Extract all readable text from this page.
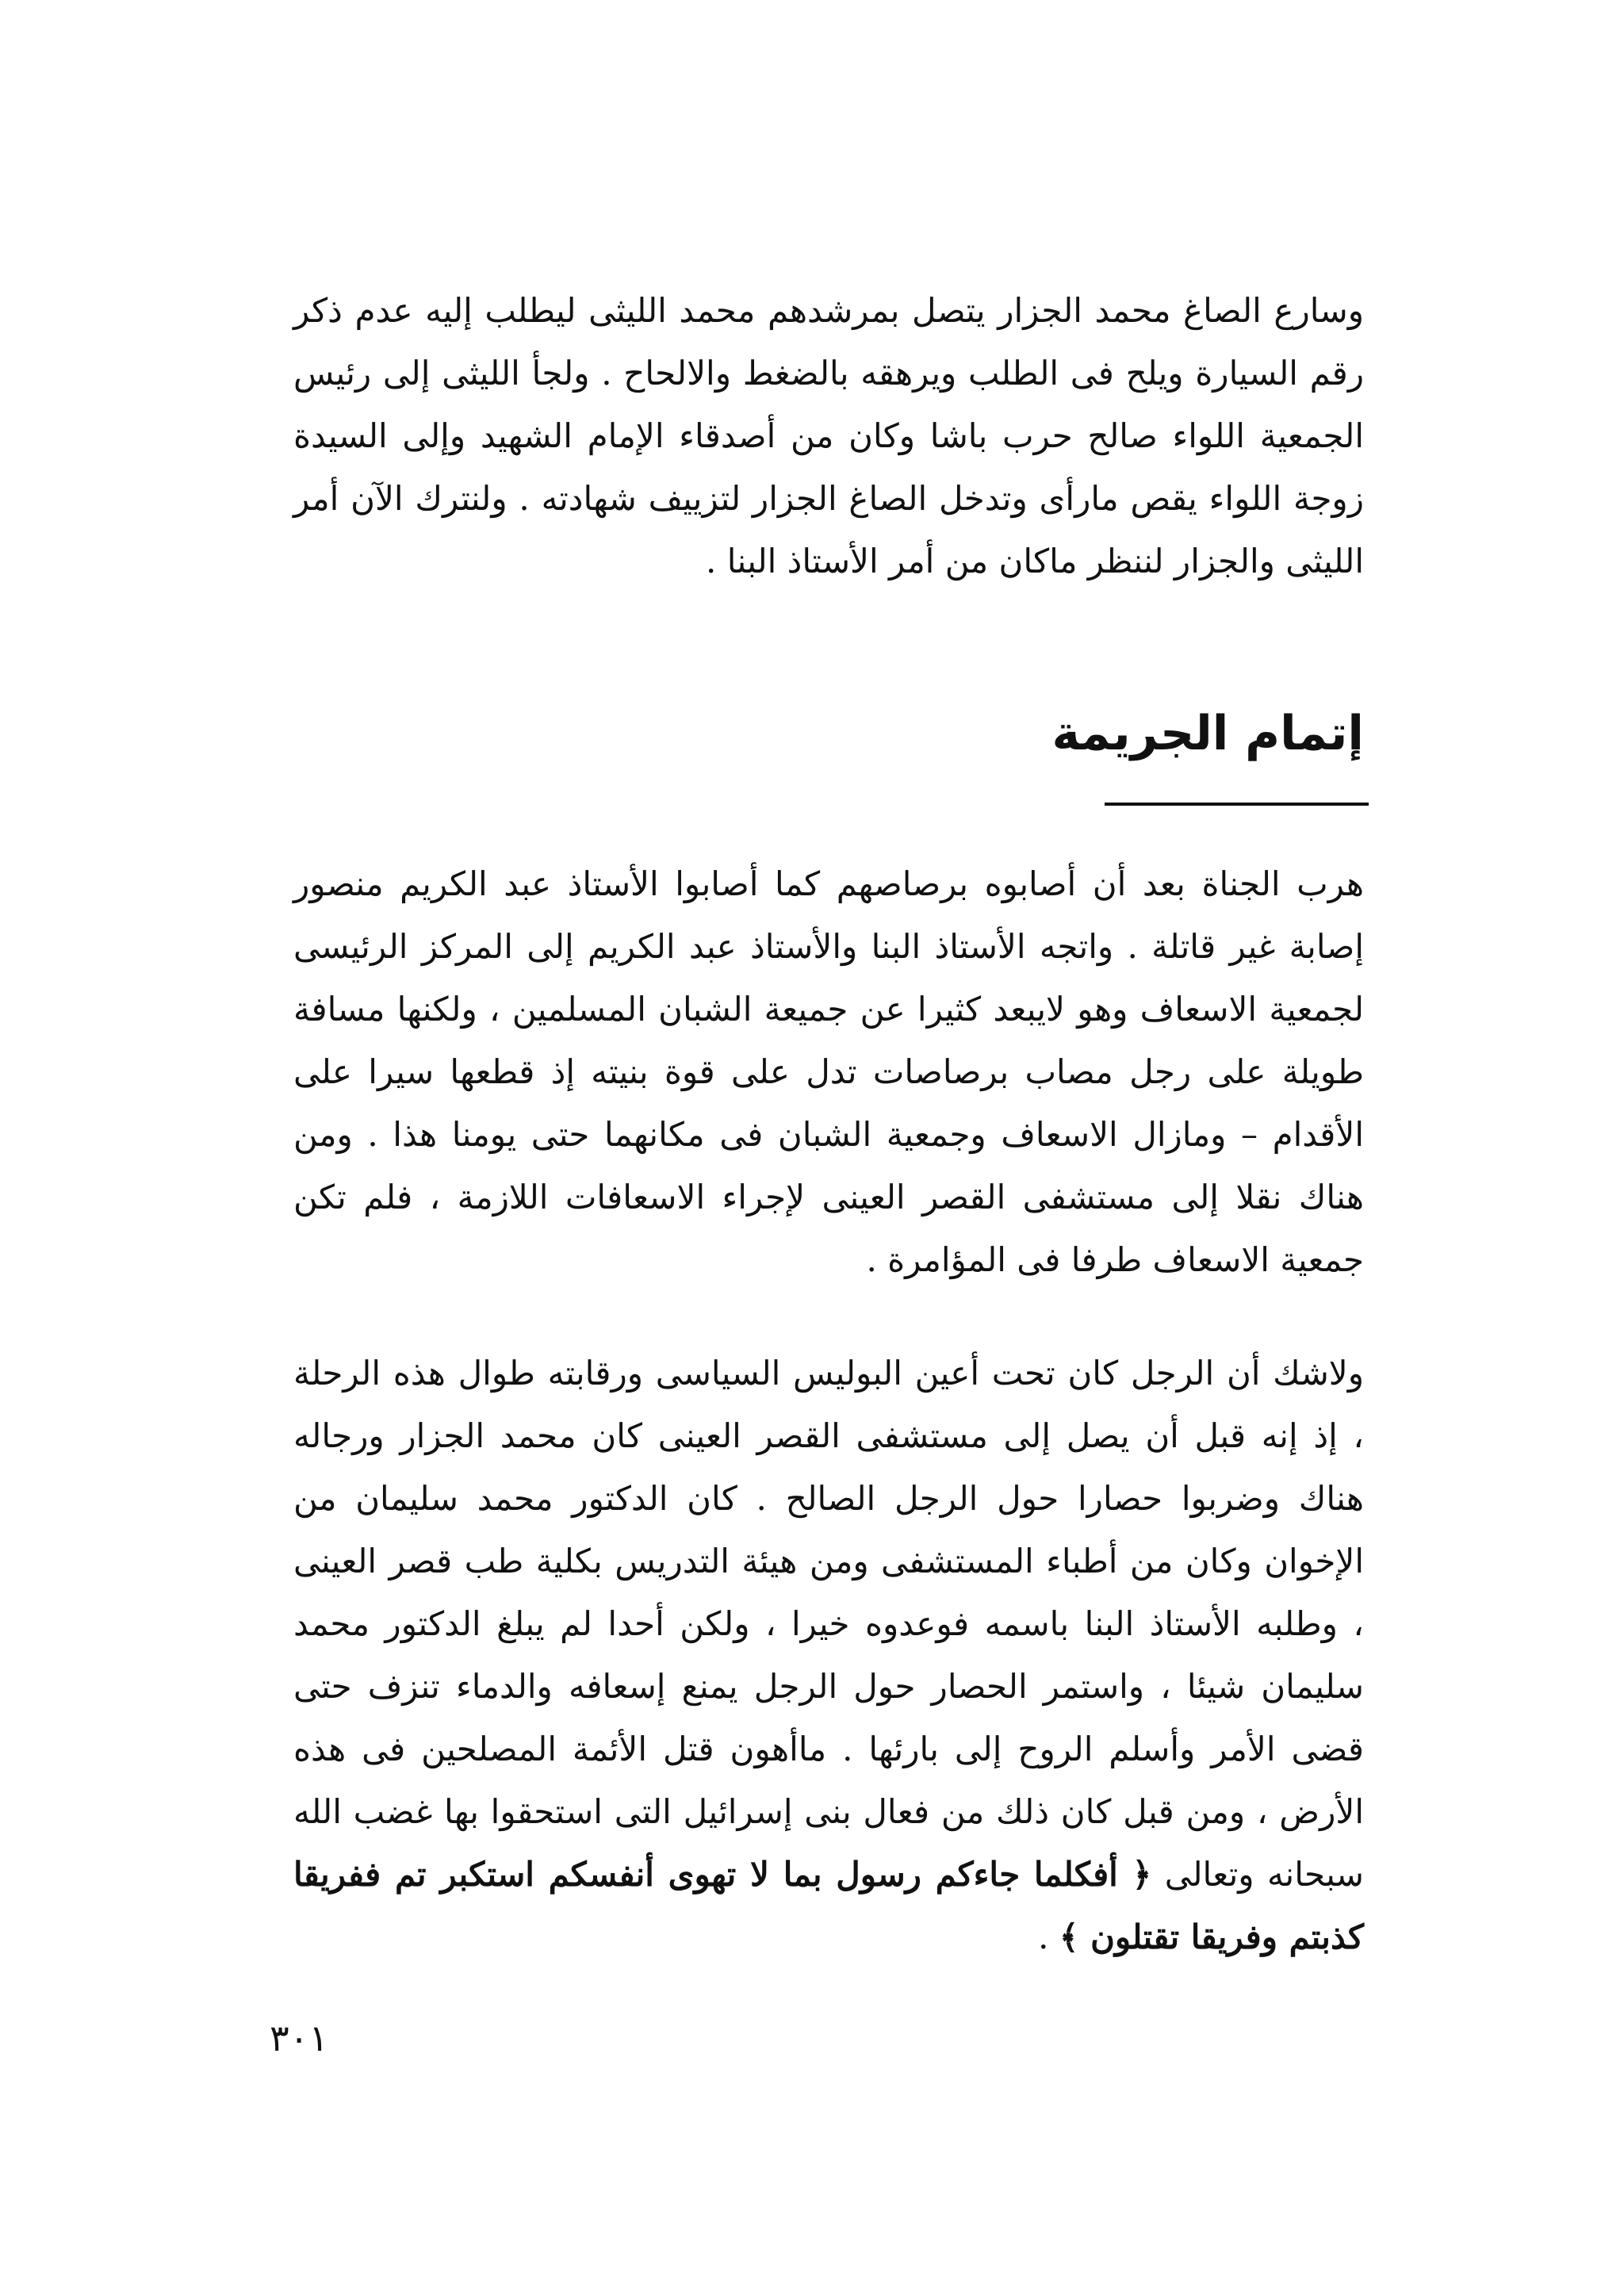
وسارع الصاغ محمد الجزار يتصل بمرشدهم محمد الليثى ليطلب إليه عدم ذكر رقم السيارة ويلح فى الطلب ويرهقه بالضغط والالحاح . ولجأ الليثى إلى رئيس الجمعية اللواء صالح حرب باشا وكان من أصدقاء الإمام الشهيد وإلى السيدة زوجة اللواء يقص مارأى وتدخل الصاغ الجزار لتزييف شهادته . ولنترك الآن أمر الليثى والجزار لننظر ماكان من أمر الأستاذ البنا .

إتمام الجريمة

هرب الجناة بعد أن أصابوه برصاصهم كما أصابوا الأستاذ عبد الكريم منصور إصابة غير قاتلة . واتجه الأستاذ البنا والأستاذ عبد الكريم إلى المركز الرئيسى لجمعية الاسعاف وهو لايبعد كثيرا عن جميعة الشبان المسلمين ، ولكنها مسافة طويلة على رجل مصاب برصاصات تدل على قوة بنيته إذ قطعها سيرا على الأقدام – ومازال الاسعاف وجمعية الشبان فى مكانهما حتى يومنا هذا . ومن هناك نقلا إلى مستشفى القصر العينى لإجراء الاسعافات اللازمة ، فلم تكن جمعية الاسعاف طرفا فى المؤامرة .

ولاشك أن الرجل كان تحت أعين البوليس السياسى ورقابته طوال هذه الرحلة ، إذ إنه قبل أن يصل إلى مستشفى القصر العينى كان محمد الجزار ورجاله هناك وضربوا حصارا حول الرجل الصالح . كان الدكتور محمد سليمان من الإخوان وكان من أطباء المستشفى ومن هيئة التدريس بكلية طب قصر العينى ، وطلبه الأستاذ البنا باسمه فوعدوه خيرا ، ولكن أحدا لم يبلغ الدكتور محمد سليمان شيئا ، واستمر الحصار حول الرجل يمنع إسعافه والدماء تنزف حتى قضى الأمر وأسلم الروح إلى بارئها . ماأهون قتل الأئمة المصلحين فى هذه الأرض ، ومن قبل كان ذلك من فعال بنى إسرائيل التى استحقوا بها غضب الله سبحانه وتعالى ﴿ أفكلما جاءكم رسول بما لا تهوى أنفسكم استكبر تم ففريقا كذبتم وفريقا تقتلون ﴾ .

٣٠١
